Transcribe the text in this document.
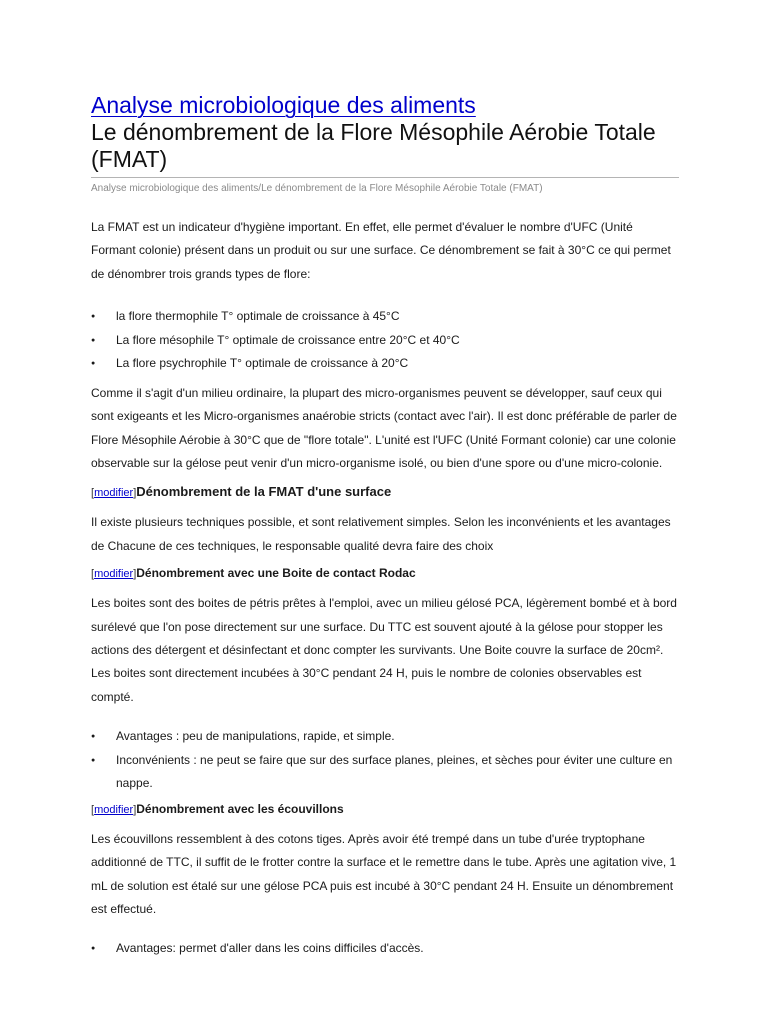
Analyse microbiologique des aliments
Le dénombrement de la Flore Mésophile Aérobie Totale (FMAT)
Analyse microbiologique des aliments/Le dénombrement de la Flore Mésophile Aérobie Totale (FMAT)

La FMAT est un indicateur d'hygiène important. En effet, elle permet d'évaluer le nombre d'UFC (Unité Formant colonie) présent dans un produit ou sur une surface. Ce dénombrement se fait à 30°C ce qui permet de dénombrer trois grands types de flore:

● la flore thermophile T° optimale de croissance à 45°C
● La flore mésophile T° optimale de croissance entre 20°C et 40°C
● La flore psychrophile T° optimale de croissance à 20°C

Comme il s'agit d'un milieu ordinaire, la plupart des micro-organismes peuvent se développer, sauf ceux qui sont exigeants et les Micro-organismes anaérobie stricts (contact avec l'air). Il est donc préférable de parler de Flore Mésophile Aérobie à 30°C que de "flore totale". L'unité est l'UFC (Unité Formant colonie) car une colonie observable sur la gélose peut venir d'un micro-organisme isolé, ou bien d'une spore ou d'une micro-colonie.

[modifier]Dénombrement de la FMAT d'une surface

Il existe plusieurs techniques possible, et sont relativement simples. Selon les inconvénients et les avantages de Chacune de ces techniques, le responsable qualité devra faire des choix

[modifier]Dénombrement avec une Boite de contact Rodac

Les boites sont des boites de pétris prêtes à l'emploi, avec un milieu gélosé PCA, légèrement bombé et à bord surélevé que l'on pose directement sur une surface. Du TTC est souvent ajouté à la gélose pour stopper les actions des détergent et désinfectant et donc compter les survivants. Une Boite couvre la surface de 20cm². Les boites sont directement incubées à 30°C pendant 24 H, puis le nombre de colonies observables est compté.

● Avantages : peu de manipulations, rapide, et simple.
● Inconvénients : ne peut se faire que sur des surface planes, pleines, et sèches pour éviter une culture en nappe.
[modifier]Dénombrement avec les écouvillons

Les écouvillons ressemblent à des cotons tiges. Après avoir été trempé dans un tube d'urée tryptophane additionné de TTC, il suffit de le frotter contre la surface et le remettre dans le tube. Après une agitation vive, 1 mL de solution est étalé sur une gélose PCA puis est incubé à 30°C pendant 24 H. Ensuite un dénombrement est effectué.

● Avantages: permet d'aller dans les coins difficiles d'accès.
